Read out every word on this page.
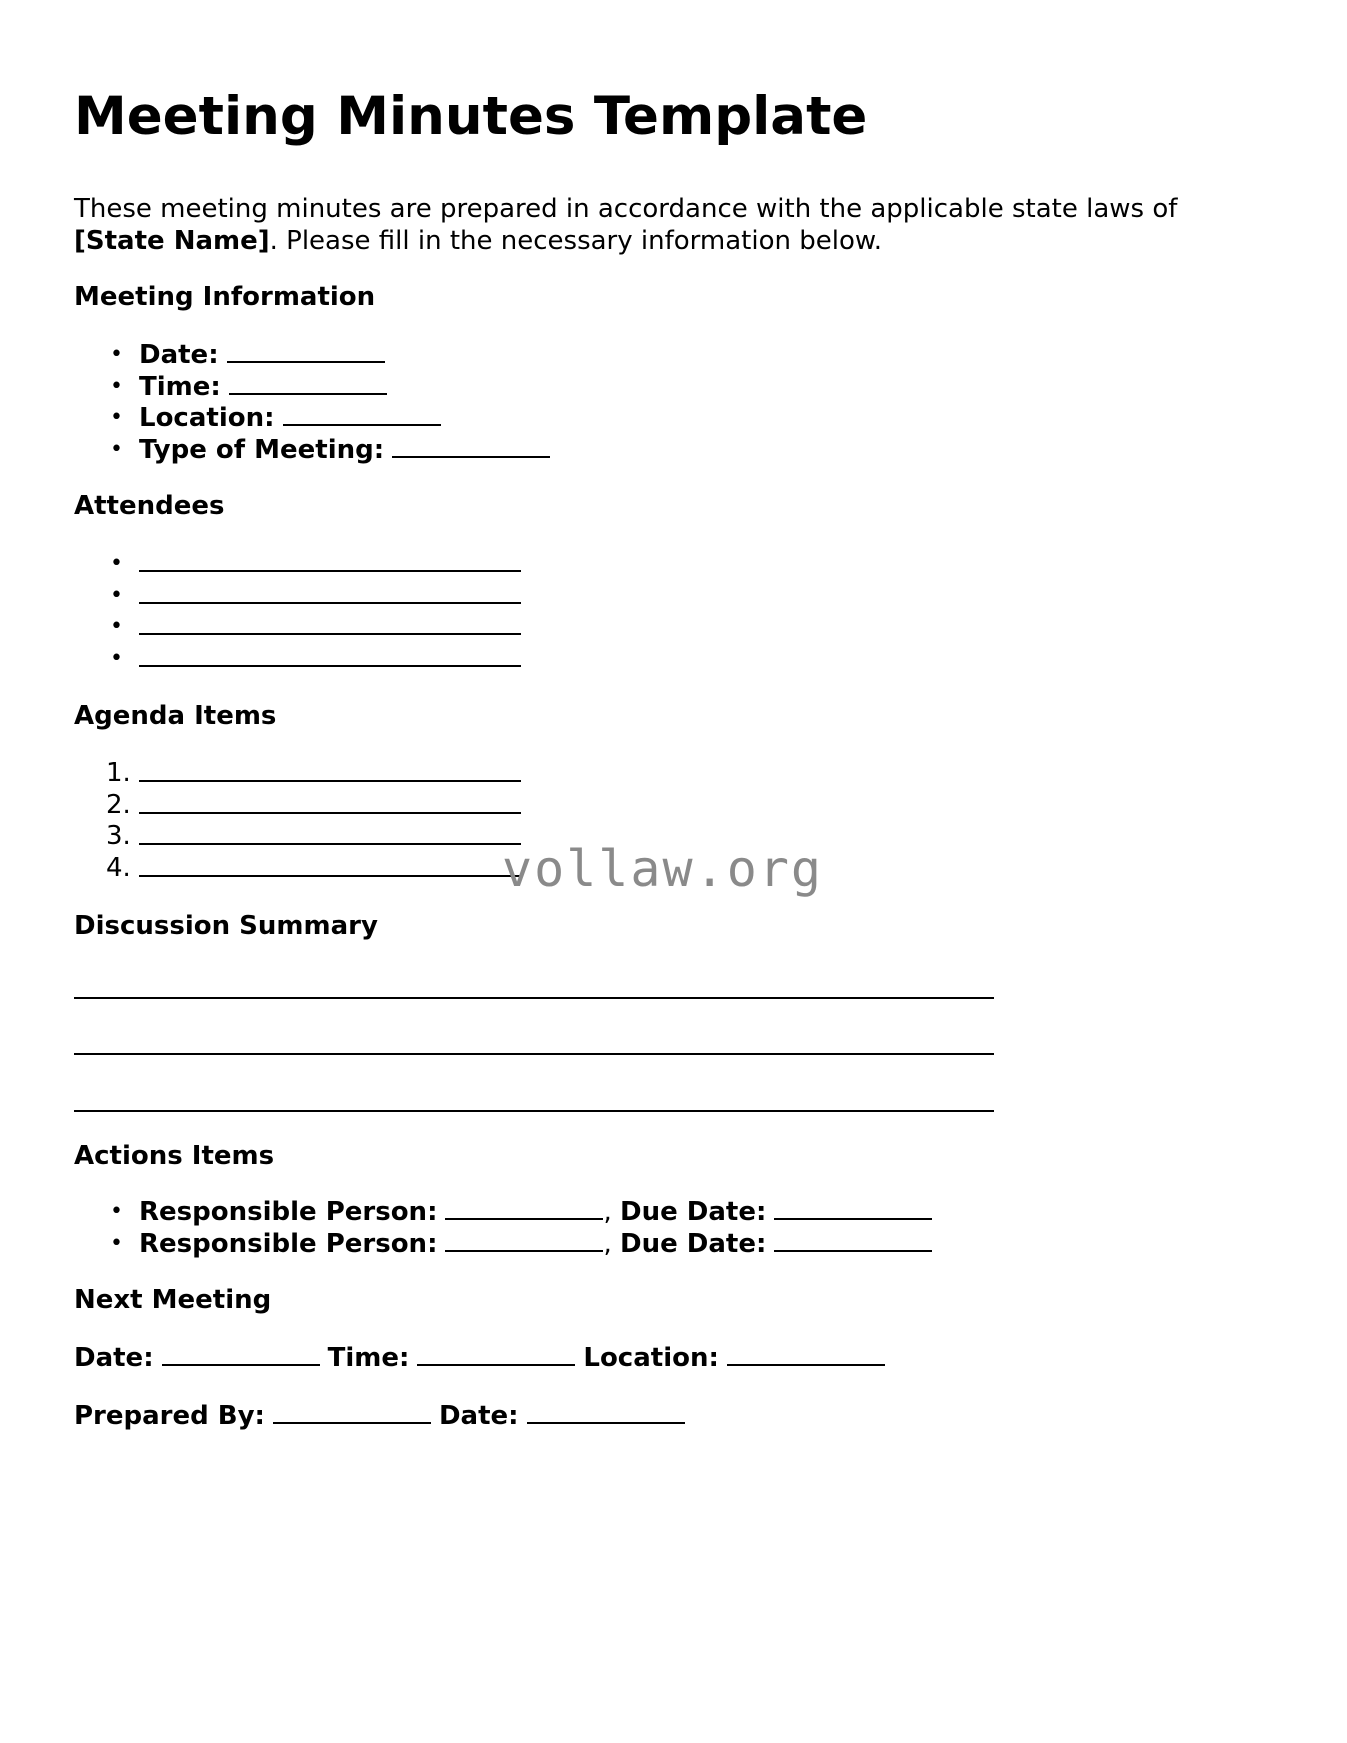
Meeting Minutes Template

These meeting minutes are prepared in accordance with the applicable state laws of [State Name]. Please fill in the necessary information below.

Meeting Information
• Date:
• Time:
• Location:
• Type of Meeting:
Attendees
•
•
•
•
Agenda Items
1.
2.
3.
4.
Discussion Summary
Actions Items
• Responsible Person:	, Due Date:
• Responsible Person:	, Due Date:
Next Meeting
Date:	Time:	Location:
Prepared By:	Date:
vollaw.org
